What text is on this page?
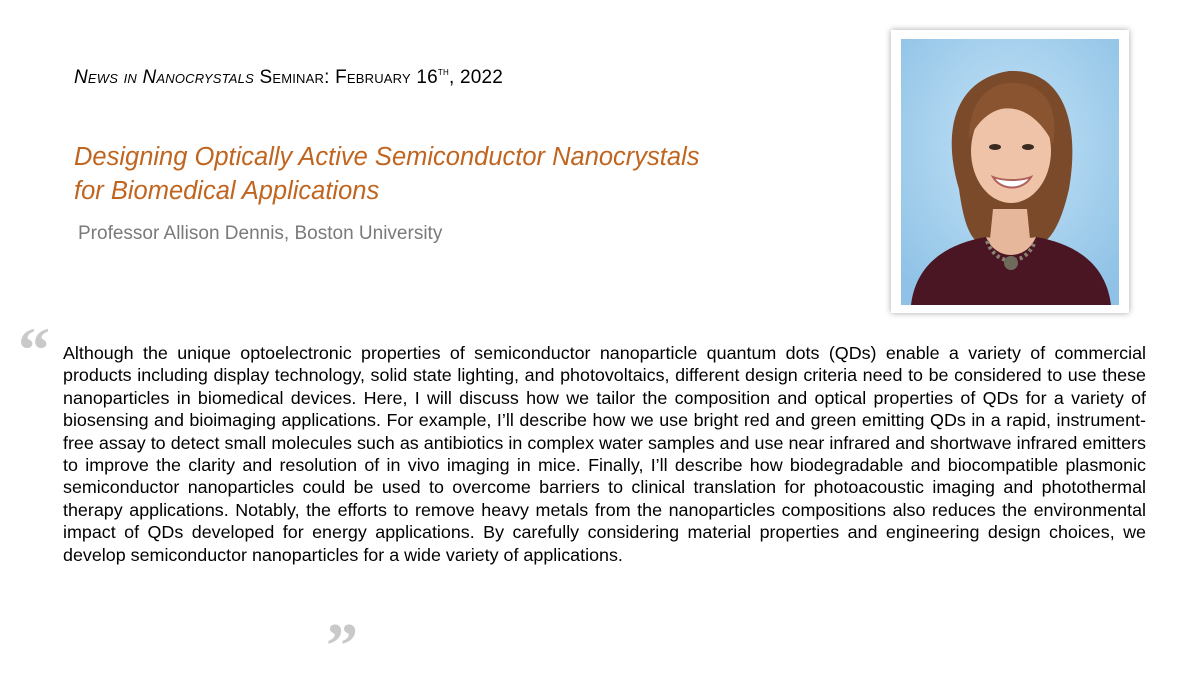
News in Nanocrystals Seminar: February 16th, 2022
Designing Optically Active Semiconductor Nanocrystals
for Biomedical Applications
Professor Allison Dennis, Boston University
“ Although the unique optoelectronic properties of semiconductor nanoparticle quantum dots (QDs) enable a variety of commercial products including display technology, solid state lighting, and photovoltaics, different design criteria need to be considered to use these nanoparticles in biomedical devices. Here, I will discuss how we tailor the composition and optical properties of QDs for a variety of biosensing and bioimaging applications. For example, I’ll describe how we use bright red and green emitting QDs in a rapid, instrument-free assay to detect small molecules such as antibiotics in complex water samples and use near infrared and shortwave infrared emitters to improve the clarity and resolution of in vivo imaging in mice. Finally, I’ll describe how biodegradable and biocompatible plasmonic semiconductor nanoparticles could be used to overcome barriers to clinical translation for photoacoustic imaging and photothermal therapy applications. Notably, the efforts to remove heavy metals from the nanoparticles compositions also reduces the environmental impact of QDs developed for energy applications. By carefully considering material properties and engineering design choices, we develop semiconductor nanoparticles for a wide variety of applications.
”
